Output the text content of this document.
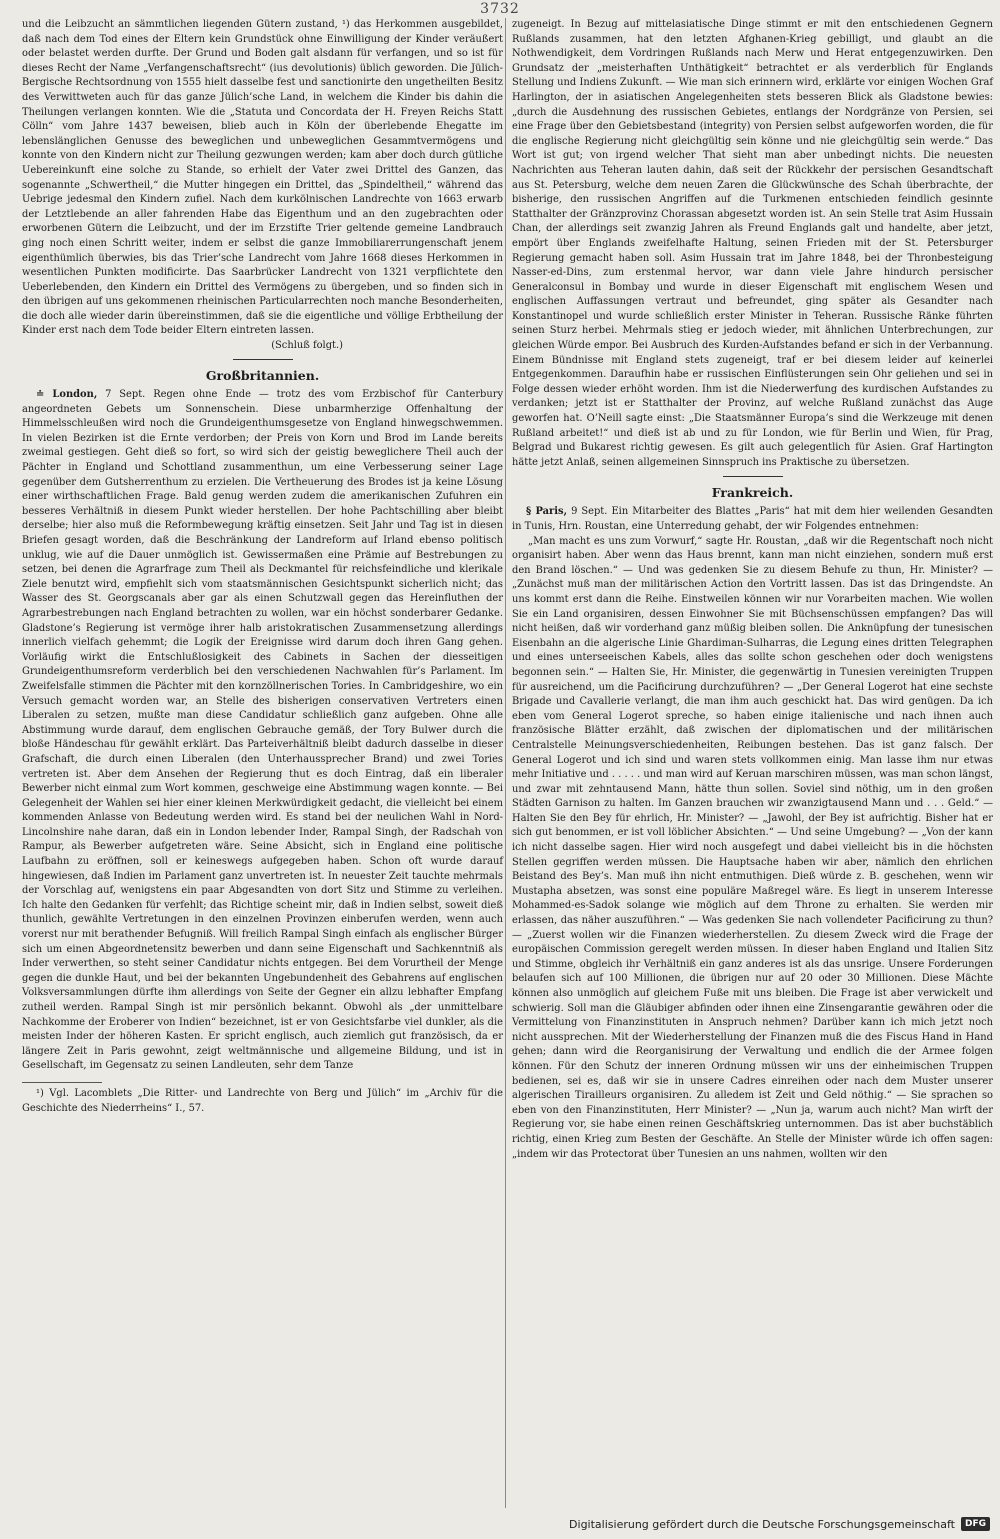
3732

und die Leibzucht an sämmtlichen liegenden Gütern zustand, ¹) das Herkommen ausgebildet, daß nach dem Tod eines der Eltern kein Grundstück ohne Einwilligung der Kinder veräußert oder belastet werden durfte. Der Grund und Boden galt alsdann für verfangen, und so ist für dieses Recht der Name „Verfangenschaftsrecht“ (ius devolutionis) üblich geworden. Die Jülich-Bergische Rechtsordnung von 1555 hielt dasselbe fest und sanctionirte den ungetheilten Besitz des Verwittweten auch für das ganze Jülich’sche Land, in welchem die Kinder bis dahin die Theilungen verlangen konnten. Wie die „Statuta und Concordata der H. Freyen Reichs Statt Cölln“ vom Jahre 1437 beweisen, blieb auch in Köln der überlebende Ehegatte im lebenslänglichen Genusse des beweglichen und unbeweglichen Gesammtvermögens und konnte von den Kindern nicht zur Theilung gezwungen werden; kam aber doch durch gütliche Uebereinkunft eine solche zu Stande, so erhielt der Vater zwei Drittel des Ganzen, das sogenannte „Schwertheil,“ die Mutter hingegen ein Drittel, das „Spindeltheil,“ während das Uebrige jedesmal den Kindern zufiel. Nach dem kurkölnischen Landrechte von 1663 erwarb der Letztlebende an aller fahrenden Habe das Eigenthum und an den zugebrachten oder erworbenen Gütern die Leibzucht, und der im Erzstifte Trier geltende gemeine Landbrauch ging noch einen Schritt weiter, indem er selbst die ganze Immobiliarerrungenschaft jenem eigenthümlich überwies, bis das Trier’sche Landrecht vom Jahre 1668 dieses Herkommen in wesentlichen Punkten modificirte. Das Saarbrücker Landrecht von 1321 verpflichtete den Ueberlebenden, den Kindern ein Drittel des Vermögens zu übergeben, und so finden sich in den übrigen auf uns gekommenen rheinischen Particularrechten noch manche Besonderheiten, die doch alle wieder darin übereinstimmen, daß sie die eigentliche und völlige Erbtheilung der Kinder erst nach dem Tode beider Eltern eintreten lassen.

(Schluß folgt.)
Großbritannien.

≐ London, 7 Sept. Regen ohne Ende — trotz des vom Erzbischof für Canterbury angeordneten Gebets um Sonnenschein. Diese unbarmherzige Offenhaltung der Himmelsschleußen wird noch die Grundeigenthumsgesetze von England hinwegschwemmen. In vielen Bezirken ist die Ernte verdorben; der Preis von Korn und Brod im Lande bereits zweimal gestiegen. Geht dieß so fort, so wird sich der geistig beweglichere Theil auch der Pächter in England und Schottland zusammenthun, um eine Verbesserung seiner Lage gegenüber dem Gutsherrenthum zu erzielen. Die Vertheuerung des Brodes ist ja keine Lösung einer wirthschaftlichen Frage. Bald genug werden zudem die amerikanischen Zufuhren ein besseres Verhältniß in diesem Punkt wieder herstellen. Der hohe Pachtschilling aber bleibt derselbe; hier also muß die Reformbewegung kräftig einsetzen. Seit Jahr und Tag ist in diesen Briefen gesagt worden, daß die Beschränkung der Landreform auf Irland ebenso politisch unklug, wie auf die Dauer unmöglich ist. Gewissermaßen eine Prämie auf Bestrebungen zu setzen, bei denen die Agrarfrage zum Theil als Deckmantel für reichsfeindliche und klerikale Ziele benutzt wird, empfiehlt sich vom staatsmännischen Gesichtspunkt sicherlich nicht; das Wasser des St. Georgscanals aber gar als einen Schutzwall gegen das Hereinfluthen der Agrarbestrebungen nach England betrachten zu wollen, war ein höchst sonderbarer Gedanke. Gladstone’s Regierung ist vermöge ihrer halb aristokratischen Zusammensetzung allerdings innerlich vielfach gehemmt; die Logik der Ereignisse wird darum doch ihren Gang gehen. Vorläufig wirkt die Entschlußlosigkeit des Cabinets in Sachen der diesseitigen Grundeigenthumsreform verderblich bei den verschiedenen Nachwahlen für’s Parlament. Im Zweifelsfalle stimmen die Pächter mit den kornzöllnerischen Tories. In Cambridgeshire, wo ein Versuch gemacht worden war, an Stelle des bisherigen conservativen Vertreters einen Liberalen zu setzen, mußte man diese Candidatur schließlich ganz aufgeben. Ohne alle Abstimmung wurde darauf, dem englischen Gebrauche gemäß, der Tory Bulwer durch die bloße Händeschau für gewählt erklärt. Das Parteiverhältniß bleibt dadurch dasselbe in dieser Grafschaft, die durch einen Liberalen (den Unterhaussprecher Brand) und zwei Tories vertreten ist. Aber dem Ansehen der Regierung thut es doch Eintrag, daß ein liberaler Bewerber nicht einmal zum Wort kommen, geschweige eine Abstimmung wagen konnte. — Bei Gelegenheit der Wahlen sei hier einer kleinen Merkwürdigkeit gedacht, die vielleicht bei einem kommenden Anlasse von Bedeutung werden wird. Es stand bei der neulichen Wahl in Nord-Lincolnshire nahe daran, daß ein in London lebender Inder, Rampal Singh, der Radschah von Rampur, als Bewerber aufgetreten wäre. Seine Absicht, sich in England eine politische Laufbahn zu eröffnen, soll er keineswegs aufgegeben haben. Schon oft wurde darauf hingewiesen, daß Indien im Parlament ganz unvertreten ist. In neuester Zeit tauchte mehrmals der Vorschlag auf, wenigstens ein paar Abgesandten von dort Sitz und Stimme zu verleihen. Ich halte den Gedanken für verfehlt; das Richtige scheint mir, daß in Indien selbst, soweit dieß thunlich, gewählte Vertretungen in den einzelnen Provinzen einberufen werden, wenn auch vorerst nur mit berathender Befugniß. Will freilich Rampal Singh einfach als englischer Bürger sich um einen Abgeordnetensitz bewerben und dann seine Eigenschaft und Sachkenntniß als Inder verwerthen, so steht seiner Candidatur nichts entgegen. Bei dem Vorurtheil der Menge gegen die dunkle Haut, und bei der bekannten Ungebundenheit des Gebahrens auf englischen Volksversammlungen dürfte ihm allerdings von Seite der Gegner ein allzu lebhafter Empfang zutheil werden. Rampal Singh ist mir persönlich bekannt. Obwohl als „der unmittelbare Nachkomme der Eroberer von Indien“ bezeichnet, ist er von Gesichtsfarbe viel dunkler, als die meisten Inder der höheren Kasten. Er spricht englisch, auch ziemlich gut französisch, da er längere Zeit in Paris gewohnt, zeigt weltmännische und allgemeine Bildung, und ist in Gesellschaft, im Gegensatz zu seinen Landleuten, sehr dem Tanze

¹) Vgl. Lacomblets „Die Ritter- und Landrechte von Berg und Jülich“ im „Archiv für die Geschichte des Niederrheins“ I., 57.

zugeneigt. In Bezug auf mittelasiatische Dinge stimmt er mit den entschiedenen Gegnern Rußlands zusammen, hat den letzten Afghanen-Krieg gebilligt, und glaubt an die Nothwendigkeit, dem Vordringen Rußlands nach Merw und Herat entgegenzuwirken. Den Grundsatz der „meisterhaften Unthätigkeit“ betrachtet er als verderblich für Englands Stellung und Indiens Zukunft. — Wie man sich erinnern wird, erklärte vor einigen Wochen Graf Harlington, der in asiatischen Angelegenheiten stets besseren Blick als Gladstone bewies: „durch die Ausdehnung des russischen Gebietes, entlangs der Nordgränze von Persien, sei eine Frage über den Gebietsbestand (integrity) von Persien selbst aufgeworfen worden, die für die englische Regierung nicht gleichgültig sein könne und nie gleichgültig sein werde.“ Das Wort ist gut; von irgend welcher That sieht man aber unbedingt nichts. Die neuesten Nachrichten aus Teheran lauten dahin, daß seit der Rückkehr der persischen Gesandtschaft aus St. Petersburg, welche dem neuen Zaren die Glückwünsche des Schah überbrachte, der bisherige, den russischen Angriffen auf die Turkmenen entschieden feindlich gesinnte Statthalter der Gränzprovinz Chorassan abgesetzt worden ist. An sein Stelle trat Asim Hussain Chan, der allerdings seit zwanzig Jahren als Freund Englands galt und handelte, aber jetzt, empört über Englands zweifelhafte Haltung, seinen Frieden mit der St. Petersburger Regierung gemacht haben soll. Asim Hussain trat im Jahre 1848, bei der Thronbesteigung Nasser-ed-Dins, zum erstenmal hervor, war dann viele Jahre hindurch persischer Generalconsul in Bombay und wurde in dieser Eigenschaft mit englischem Wesen und englischen Auffassungen vertraut und befreundet, ging später als Gesandter nach Konstantinopel und wurde schließlich erster Minister in Teheran. Russische Ränke führten seinen Sturz herbei. Mehrmals stieg er jedoch wieder, mit ähnlichen Unterbrechungen, zur gleichen Würde empor. Bei Ausbruch des Kurden-Aufstandes befand er sich in der Verbannung. Einem Bündnisse mit England stets zugeneigt, traf er bei diesem leider auf keinerlei Entgegenkommen. Daraufhin habe er russischen Einflüsterungen sein Ohr geliehen und sei in Folge dessen wieder erhöht worden. Ihm ist die Niederwerfung des kurdischen Aufstandes zu verdanken; jetzt ist er Statthalter der Provinz, auf welche Rußland zunächst das Auge geworfen hat. O’Neill sagte einst: „Die Staatsmänner Europa’s sind die Werkzeuge mit denen Rußland arbeitet!“ und dieß ist ab und zu für London, wie für Berlin und Wien, für Prag, Belgrad und Bukarest richtig gewesen. Es gilt auch gelegentlich für Asien. Graf Hartington hätte jetzt Anlaß, seinen allgemeinen Sinnspruch ins Praktische zu übersetzen.

Frankreich.

§ Paris, 9 Sept. Ein Mitarbeiter des Blattes „Paris“ hat mit dem hier weilenden Gesandten in Tunis, Hrn. Roustan, eine Unterredung gehabt, der wir Folgendes entnehmen:

„Man macht es uns zum Vorwurf,“ sagte Hr. Roustan, „daß wir die Regentschaft noch nicht organisirt haben. Aber wenn das Haus brennt, kann man nicht einziehen, sondern muß erst den Brand löschen.“ — Und was gedenken Sie zu diesem Behufe zu thun, Hr. Minister? — „Zunächst muß man der militärischen Action den Vortritt lassen. Das ist das Dringendste. An uns kommt erst dann die Reihe. Einstweilen können wir nur Vorarbeiten machen. Wie wollen Sie ein Land organisiren, dessen Einwohner Sie mit Büchsenschüssen empfangen? Das will nicht heißen, daß wir vorderhand ganz müßig bleiben sollen. Die Anknüpfung der tunesischen Eisenbahn an die algerische Linie Ghardiman-Sulharras, die Legung eines dritten Telegraphen und eines unterseeischen Kabels, alles das sollte schon geschehen oder doch wenigstens begonnen sein.“ — Halten Sie, Hr. Minister, die gegenwärtig in Tunesien vereinigten Truppen für ausreichend, um die Pacificirung durchzuführen? — „Der General Logerot hat eine sechste Brigade und Cavallerie verlangt, die man ihm auch geschickt hat. Das wird genügen. Da ich eben vom General Logerot spreche, so haben einige italienische und nach ihnen auch französische Blätter erzählt, daß zwischen der diplomatischen und der militärischen Centralstelle Meinungsverschiedenheiten, Reibungen bestehen. Das ist ganz falsch. Der General Logerot und ich sind und waren stets vollkommen einig. Man lasse ihm nur etwas mehr Initiative und . . . . . und man wird auf Keruan marschiren müssen, was man schon längst, und zwar mit zehntausend Mann, hätte thun sollen. Soviel sind nöthig, um in den großen Städten Garnison zu halten. Im Ganzen brauchen wir zwanzigtausend Mann und . . . Geld.“ — Halten Sie den Bey für ehrlich, Hr. Minister? — „Jawohl, der Bey ist aufrichtig. Bisher hat er sich gut benommen, er ist voll löblicher Absichten.“ — Und seine Umgebung? — „Von der kann ich nicht dasselbe sagen. Hier wird noch ausgefegt und dabei vielleicht bis in die höchsten Stellen gegriffen werden müssen. Die Hauptsache haben wir aber, nämlich den ehrlichen Beistand des Bey’s. Man muß ihn nicht entmuthigen. Dieß würde z. B. geschehen, wenn wir Mustapha absetzen, was sonst eine populäre Maßregel wäre. Es liegt in unserem Interesse Mohammed-es-Sadok solange wie möglich auf dem Throne zu erhalten. Sie werden mir erlassen, das näher auszuführen.“ — Was gedenken Sie nach vollendeter Pacificirung zu thun? — „Zuerst wollen wir die Finanzen wiederherstellen. Zu diesem Zweck wird die Frage der europäischen Commission geregelt werden müssen. In dieser haben England und Italien Sitz und Stimme, obgleich ihr Verhältniß ein ganz anderes ist als das unsrige. Unsere Forderungen belaufen sich auf 100 Millionen, die übrigen nur auf 20 oder 30 Millionen. Diese Mächte können also unmöglich auf gleichem Fuße mit uns bleiben. Die Frage ist aber verwickelt und schwierig. Soll man die Gläubiger abfinden oder ihnen eine Zinsengarantie gewähren oder die Vermittelung von Finanzinstituten in Anspruch nehmen? Darüber kann ich mich jetzt noch nicht aussprechen. Mit der Wiederherstellung der Finanzen muß die des Fiscus Hand in Hand gehen; dann wird die Reorganisirung der Verwaltung und endlich die der Armee folgen können. Für den Schutz der inneren Ordnung müssen wir uns der einheimischen Truppen bedienen, sei es, daß wir sie in unsere Cadres einreihen oder nach dem Muster unserer algerischen Tirailleurs organisiren. Zu alledem ist Zeit und Geld nöthig.“ — Sie sprachen so eben von den Finanzinstituten, Herr Minister? — „Nun ja, warum auch nicht? Man wirft der Regierung vor, sie habe einen reinen Geschäftskrieg unternommen. Das ist aber buchstäblich richtig, einen Krieg zum Besten der Geschäfte. An Stelle der Minister würde ich offen sagen: „indem wir das Protectorat über Tunesien an uns nahmen, wollten wir den

Digitalisierung gefördert durch die Deutsche Forschungsgemeinschaft	DFG
